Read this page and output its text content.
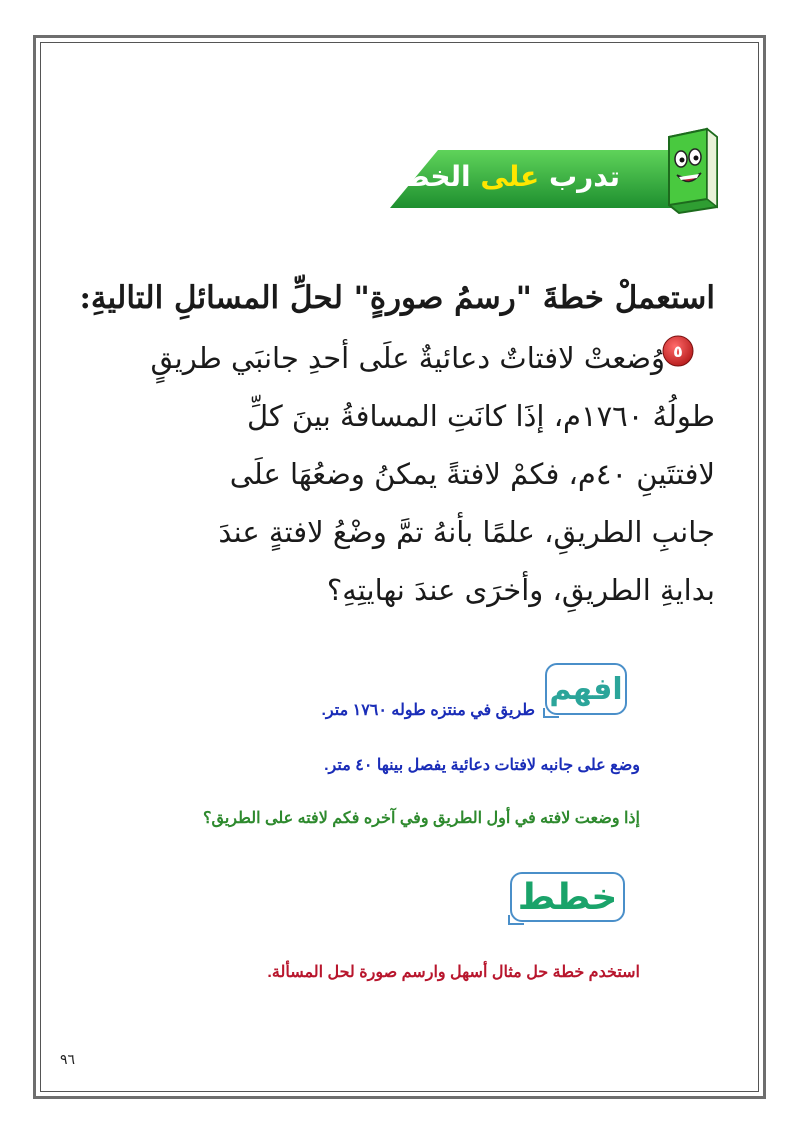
تدرب على الخطة:
٥
استعملْ خطةَ "رسمُ صورةٍ" لحلِّ المسائلِ التاليةِ:
وُضعتْ لافتاتٌ دعائيةٌ علَى أحدِ جانبَي طريقٍ
طولُهُ ١٧٦٠م، إذَا كانَتِ المسافةُ بينَ كلِّ
لافتتَينِ ٤٠م، فكمْ لافتةً يمكنُ وضعُهَا علَى
جانبِ الطريقِ، علمًا بأنهُ تمَّ وضْعُ لافتةٍ عندَ
بدايةِ الطريقِ، وأخرَى عندَ نهايتِهِ؟
افهم
طريق في منتزه طوله ١٧٦٠ متر.
وضع على جانبه لافتات دعائية يفصل بينها ٤٠ متر.
إذا وضعت لافته في أول الطريق وفي آخره فكم لافته على الطريق؟
خطط
استخدم خطة حل مثال أسهل وارسم صورة لحل المسألة.
٩٦
